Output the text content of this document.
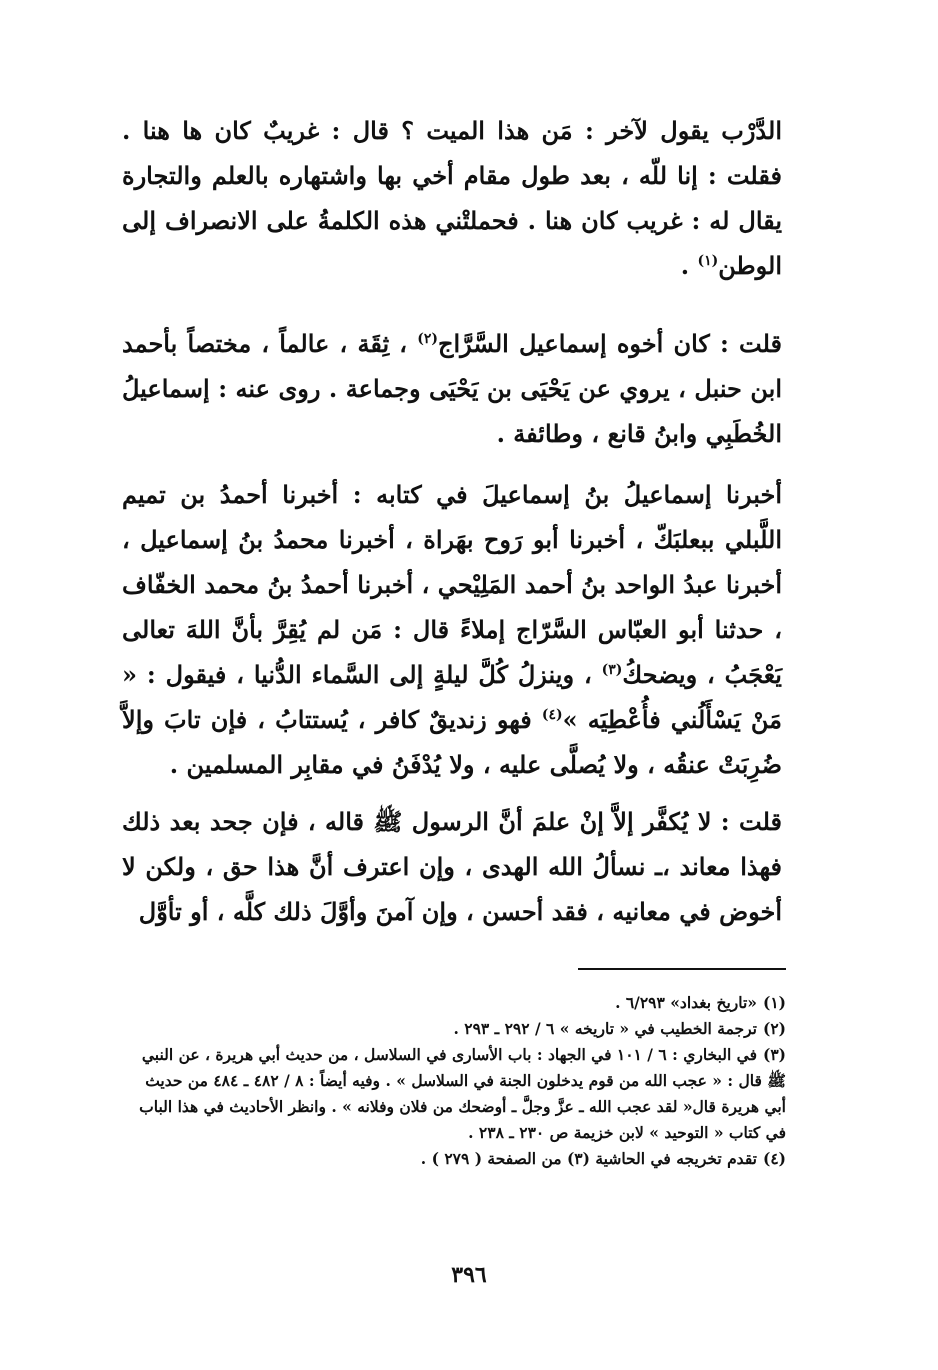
الدَّرْب يقول لآخر : مَن هذا الميت ؟ قال : غريبٌ كان ها هنا . فقلت : إنا للّه ، بعد طول مقام أخي بها واشتهاره بالعلم والتجارة يقال له : غريب كان هنا . فحملتْني هذه الكلمةُ على الانصراف إلى الوطن$^{(١)}$ .

قلت : كان أخوه إسماعيل السَّرَّاج$^{(٢)}$ ، ثِقَة ، عالماً ، مختصاً بأحمد ابن حنبل ، يروي عن يَحْيَى بن يَحْيَى وجماعة . روى عنه : إسماعيلُ الخُطَبِي وابنُ قانع ، وطائفة .

أخبرنا إسماعيلُ بنُ إسماعيلَ في كتابه : أخبرنا أحمدُ بن تميم اللَّبلي ببعلبَكّ ، أخبرنا أبو رَوح بهَراة ، أخبرنا محمدُ بنُ إسماعيل ، أخبرنا عبدُ الواحد بنُ أحمد المَلِيْحي ، أخبرنا أحمدُ بنُ محمد الخفّاف ، حدثنا أبو العبّاس السَّرّاج إملاءً قال : مَن لم يُقِرَّ بأنَّ اللهَ تعالى يَعْجَبُ ، ويضحكُ$^{(٣)}$ ، وينزلُ كُلَّ ليلةٍ إلى السَّماء الدُّنيا ، فيقول : « مَنْ يَسْأَلُني فأُعْطِيَه »$^{(٤)}$ فهو زنديقٌ كافر ، يُستتابُ ، فإن تابَ وإلاَّ ضُرِبَتْ عنقُه ، ولا يُصلَّى عليه ، ولا يُدْفَنُ في مقابِر المسلمين .

قلت : لا يُكفَّر إلاَّ إنْ علمَ أنَّ الرسول ﷺ قاله ، فإن جحد بعد ذلك فهذا معاند ،ـ نسألُ الله الهدى ، وإن اعترف أنَّ هذا حق ، ولكن لا أخوض في معانيه ، فقد أحسن ، وإن آمنَ وأوَّلَ ذلك كلَّه ، أو تأوَّل

(١)«تاريخ بغداد» ٦/٢٩٣ .

(٢)ترجمة الخطيب في « تاريخه » ٦ / ٢٩٢ ـ ٢٩٣ .

(٣)في البخاري : ٦ / ١٠١ في الجهاد : باب الأسارى في السلاسل ، من حديث أبي هريرة ، عن النبي ﷺ قال : « عجب الله من قوم يدخلون الجنة في السلاسل » . وفيه أيضاً : ٨ / ٤٨٢ ـ ٤٨٤ من حديث أبي هريرة قال« لقد عجب الله ـ عزَّ وجلَّ ـ أوضحك من فلان وفلانه » . وانظر الأحاديث في هذا الباب في كتاب « التوحيد » لابن خزيمة ص ٢٣٠ ـ ٢٣٨ .

(٤)تقدم تخريجه في الحاشية (٣) من الصفحة ( ٢٧٩ ) .

٣٩٦
